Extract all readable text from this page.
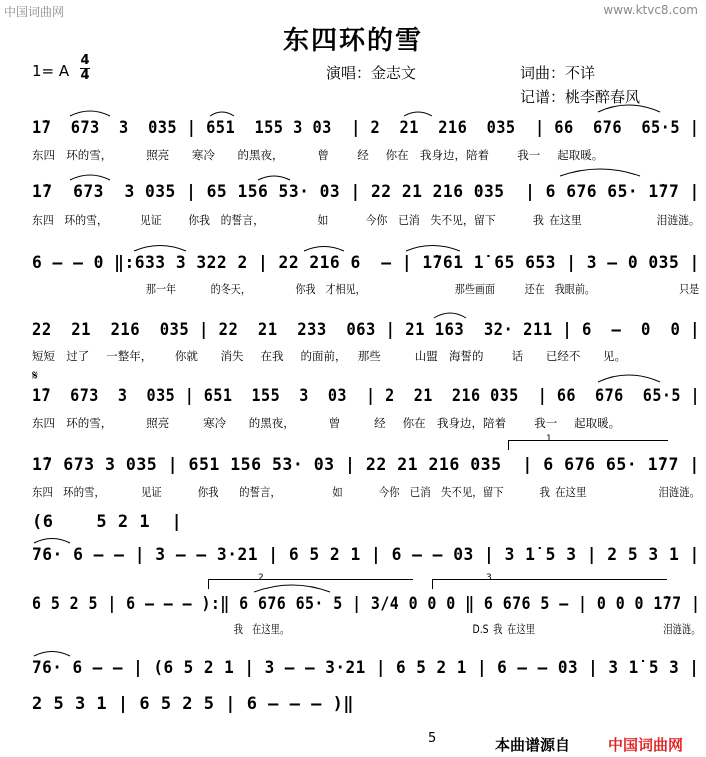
中国词曲网	www.ktvc8.com
东四环的雪
1= A
4
4	演唱：金志文	词曲：不详
记谱：桃李醉春风
1̇7  673  3  035 | 651  155 3 03  | 2  21  216  035  | 66  676  65·5 |
东四  环的雪，      照亮    寒冷    的黑夜，      曾     经   你在  我身边，陪着     我一   起取暖。
1̇7  673  3 035 | 65 156 53· 03 | 22 21 216 035  | 6 676 65· 1̇77 |
东四  环的雪，      见证     你我  的誓言，          如       今你  已消  失不见，留下       我 在这里              泪涟涟。
6 – – 0 ‖:633 3 322 2 | 22 216 6  – | 1̇761 1̇ 65 653 | 3 – 0 035 |
那一年       的冬天，         你我  才相见，                  那些画面      还在  我眼前。                 只是
22  21  216  035 | 22  21  233  063 | 21 163  32· 211 | 6  –  0  0 |
短短  过了   一整年，    你就    消失   在我   的面前，  那些      山盟  海誓的     话    已经不    见。
𝄋
1̇7  673  3  035 | 651  155  3  03  | 2  21  216 035  | 66  676  65·5 |
东四  环的雪，      照亮      寒冷    的黑夜，      曾      经   你在  我身边，陪着     我一   起取暖。
1
1̇7 673 3 035 | 651 156 53· 03 | 22 21 216 035  | 6 676 65· 1̇77 |
东四  环的雪，       见证       你我    的誓言，          如       今你  已消  失不见，留下       我 在这里              泪涟涟。
(6    5 2 1  |
76· 6 – – | 3 – – 3·21 | 6 5 2 1 | 6 – – 03 | 3 1̇ 5 3 | 2 5 3 1 |
2	3
6 5 2 5 | 6 – – – ):‖ 6 676 65· 5 | 3/4 0 0 0 ‖ 6 676 5 – | 0 0 0 1̇77 |
我  在这里。                                        D.S 我 在这里                            泪涟涟。
76· 6 – – | (6 5 2 1 | 3 – – 3·21 | 6 5 2 1 | 6 – – 03 | 3 1̇ 5 3 |
2 5 3 1 | 6 5 2 5 | 6 – – – )‖
5	本曲谱源自	中国词曲网
